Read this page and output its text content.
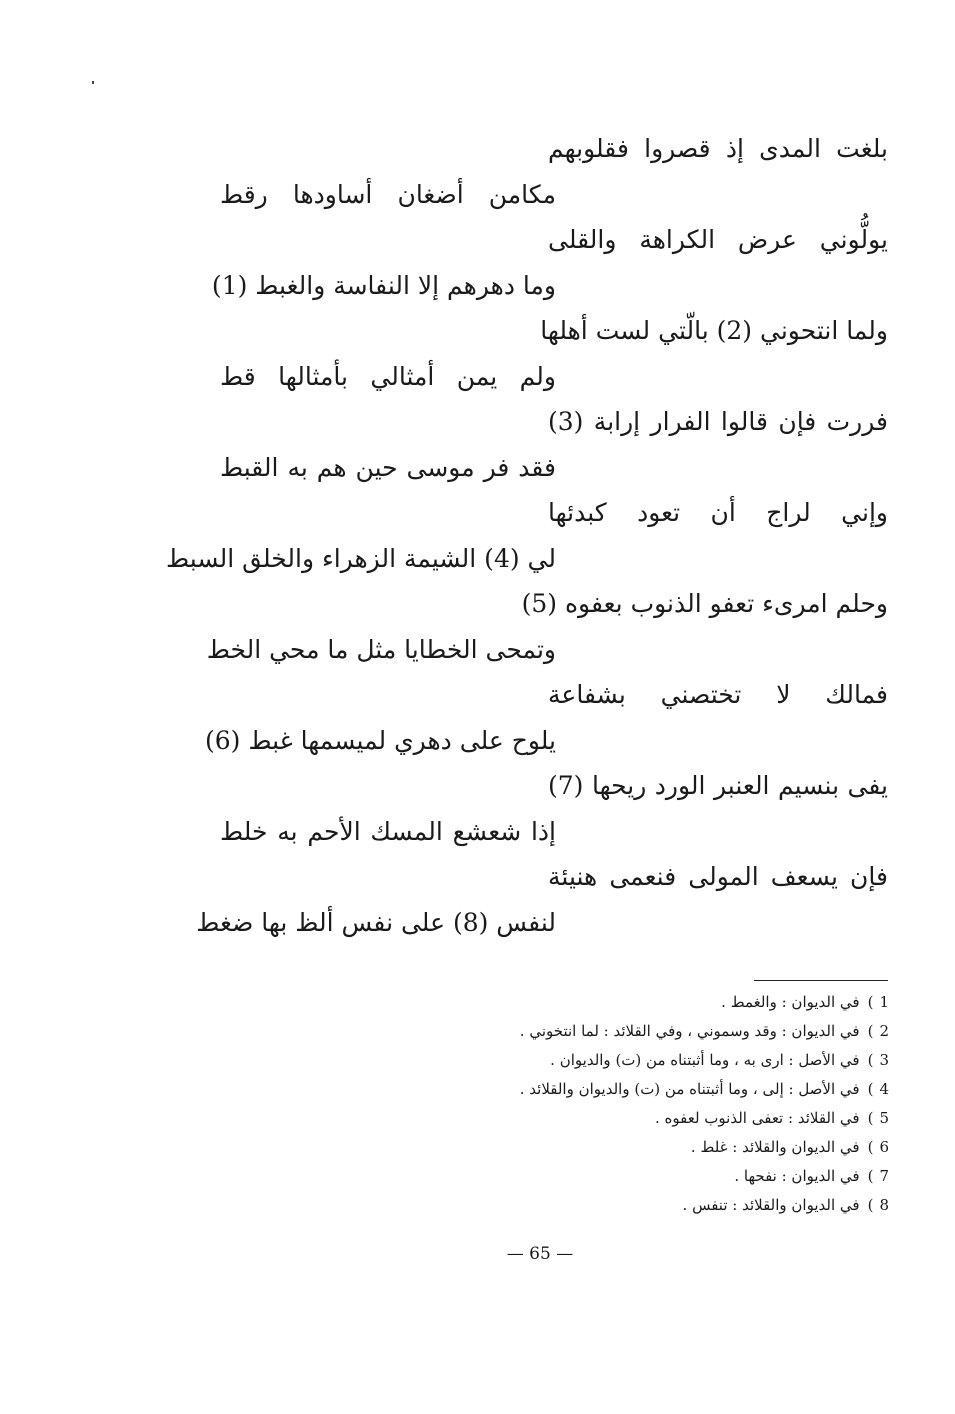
بلغت المدى إذ قصروا فقلوبهم
مكامن أضغان أساودها رقط
يولُّوني عرض الكراهة والقلى
وما دهرهم إلا النفاسة والغبط (1)
ولما انتحوني (2) بالّتي لست أهلها
ولم يمن أمثالي بأمثالها قط
فررت فإن قالوا الفرار إرابة (3)
فقد فر موسى حين هم به القبط
وإني لراج أن تعود كبدئها
لي (4) الشيمة الزهراء والخلق السبط
وحلم امرىء تعفو الذنوب بعفوه (5)
وتمحى الخطايا مثل ما محي الخط
فمالك لا تختصني بشفاعة
يلوح على دهري لميسمها غبط (6)
يفى بنسيم العنبر الورد ريحها (7)
إذا شعشع المسك الأحم به خلط
فإن يسعف المولى فنعمى هنيئة
لنفس (8) على نفس ألظ بها ضغط
1)في الديوان : والغمط .
2)في الديوان : وقد وسموني ، وفي القلائد : لما انتخوني .
3)في الأصل : ارى به ، وما أثبتناه من (ت) والديوان .
4)في الأصل : إلى ، وما أثبتناه من (ت) والديوان والقلائد .
5)في القلائد : تعفى الذنوب لعفوه .
6)في الديوان والقلائد : غلط .
7)في الديوان : نفحها .
8)في الديوان والقلائد : تنفس .
— 65 —
